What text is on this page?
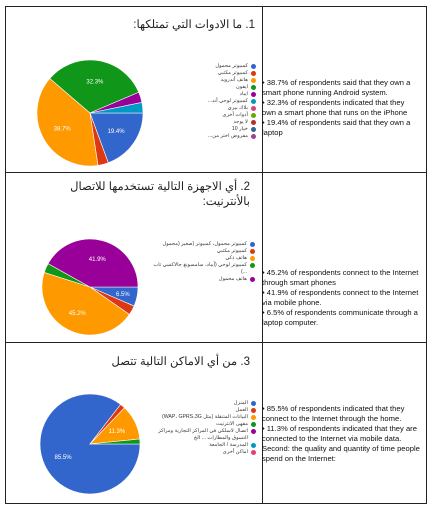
1. ما الادوات التي تمتلكها:
19.4%
38.7%
32.3%
كمبيوتر محمول
كمبيوتر مكتبي
هاتف أندرويد
ايفون
ايباد
كمبيوتر لوحي أند...
بلاك بيري
أدوات أخرى
لا يوجد
خيار 10
مفروض اختر من...

• 38.7% of respondents said that they own a smart phone running Android system.

• 32.3% of respondents indicated that they own a smart phone that runs on the iPhone

• 19.4% of respondents said that they own a laptop

2. أي الاجهزة التالية تستخدمها للاتصال بالأنترنيت:
6.5%
45.2%
41.9%
كمبيوتر محمول، كمبيوتر (صغير (محمول
كمبيوتر مكتبي
هاتف ذكي
كمبيوتر لوحي (آيباد، سامسونغ جالاكسي تاب ...)
هاتف محمول

• 45.2% of respondents connect to the Internet through smart phones

• 41.9% of respondents connect to the Internet via mobile phone.

• 6.5% of respondents communicate through a laptop computer.

3. من أي الاماكن التالية تتصل
85.5%
11.3%
المنزل
العمل
البيانات المتنقلة (مثل WAP، GPRS،3G)
مقهى الانترنيت
اتصال لاسلكي في المراكز التجارية ومراكز التسوق والمطارات ... الخ
المدرسة / الجامعة
اماكن أخرى

• 85.5% of respondents indicated that they connect to the Internet through the home.

• 11.3% of respondents indicated that they are connected to the Internet via mobile data.

Second: the quality and quantity of time people spend on the Internet:
